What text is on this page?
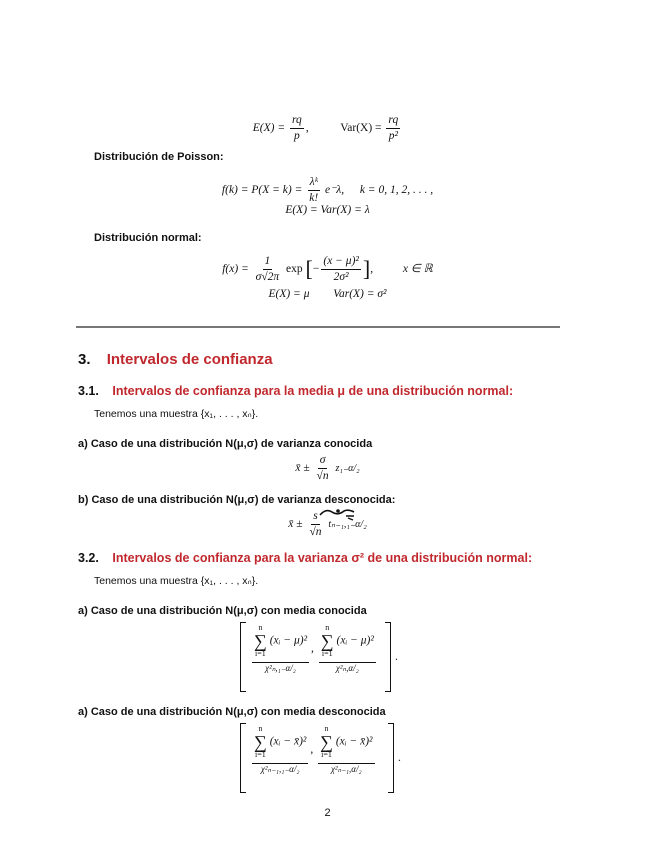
$E(X) = \frac{rq}{p}$ ,  $Var(X) = \frac{rq}{\text{p²}}$
Distribución de Poisson:
$f(k) = P(X = k) = \frac{\text{λᵏ}}{k!} e^-\lambda$, k = 0, 1, 2, . . . ,
E(X) = Var(X) = λ
Distribución normal:
$f(x) = \frac{1}{\sigma√2\pi}$ exp [− $\frac{\text{(x − μ)²}}{\text{2σ²}}$ ],  x ∈ ℝ
E(X) = μ Var(X) = σ²
3. Intervalos de confianza
3.1. Intervalos de confianza para la media μ de una distribución normal:
Tenemos una muestra {x₁, . . . , xₙ}.
a) Caso de una distribución N(μ,σ) de varianza conocida
x̄ ± $\frac{\sigma}{√n} z_{1-}\alpha/_2$
b) Caso de una distribución N(μ,σ) de varianza desconocida:
x̄ ± $\frac{s}{√n} t_{n-1},_{1-}\alpha/_2$
3.2. Intervalos de confianza para la varianza σ² de una distribución normal:
Tenemos una muestra {x₁, . . . , xₙ}.
a) Caso de una distribución N(μ,σ) con media conocida
n
∑
i=1
(xᵢ − μ)²
χ²ₙ,₁₋α/₂ , n
∑
i=1
(xᵢ − μ)²
χ²ₙ,α/₂ .
a) Caso de una distribución N(μ,σ) con media desconocida
n
∑
i=1
(xᵢ − x̄)²
χ²ₙ₋₁,₁₋α/₂ , n
∑
i=1
(xᵢ − x̄)²
χ²ₙ₋₁,α/₂ .
2
